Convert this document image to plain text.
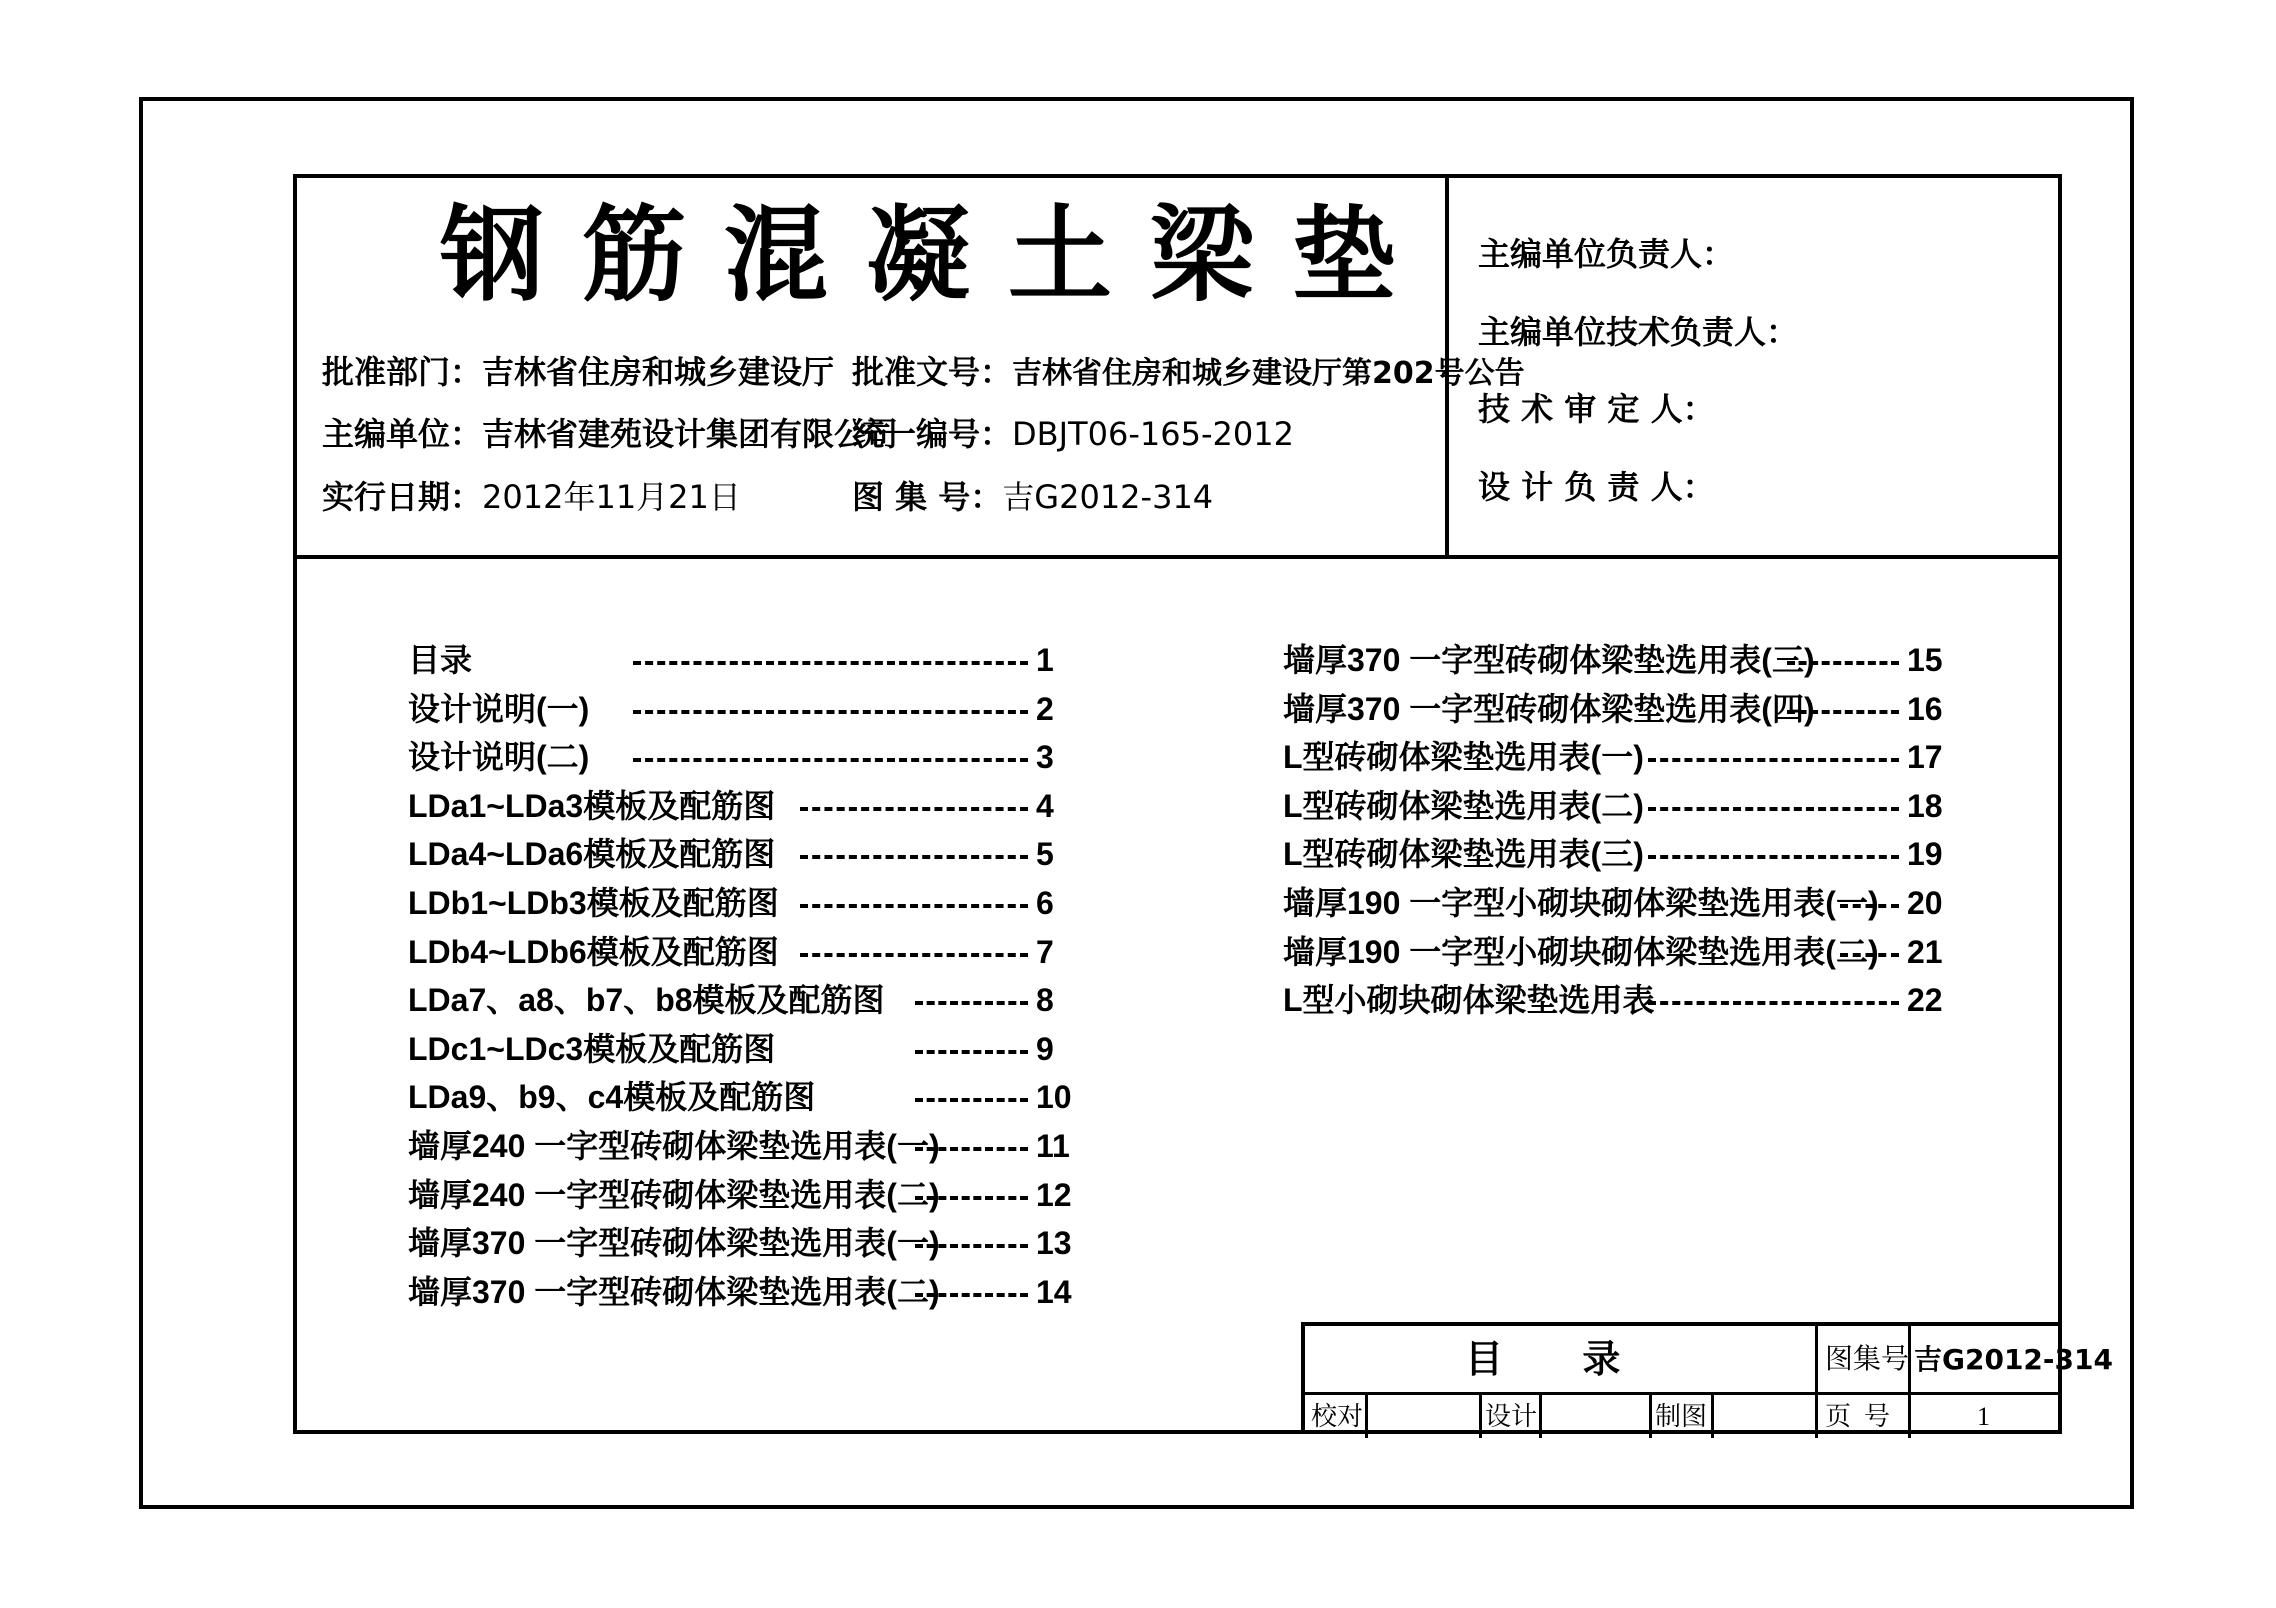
钢筋混凝土梁垫
批准部门：吉林省住房和城乡建设厅
主编单位：吉林省建苑设计集团有限公司
实行日期：2012年11月21日
批准文号：吉林省住房和城乡建设厅第202号公告
统一编号：DBJT06-165-2012
图 集 号：吉G2012-314
主编单位负责人：
主编单位技术负责人：
技 术 审 定 人：
设 计 负 责 人：
目录	1
设计说明(一)	2
设计说明(二)	3
LDa1~LDa3模板及配筋图	4
LDa4~LDa6模板及配筋图	5
LDb1~LDb3模板及配筋图	6
LDb4~LDb6模板及配筋图	7
LDa7、a8、b7、b8模板及配筋图	8
LDc1~LDc3模板及配筋图	9
LDa9、b9、c4模板及配筋图	10
墙厚240 一字型砖砌体梁垫选用表(一)	11
墙厚240 一字型砖砌体梁垫选用表(二)	12
墙厚370 一字型砖砌体梁垫选用表(一)	13
墙厚370 一字型砖砌体梁垫选用表(二)	14
墙厚370 一字型砖砌体梁垫选用表(三)	15
墙厚370 一字型砖砌体梁垫选用表(四)	16
L型砖砌体梁垫选用表(一)	17
L型砖砌体梁垫选用表(二)	18
L型砖砌体梁垫选用表(三)	19
墙厚190 一字型小砌块砌体梁垫选用表(一) 20
墙厚190 一字型小砌块砌体梁垫选用表(二) 21
L型小砌块砌体梁垫选用表	22
目      录	图集号 吉G2012-314
校对	设计	制图	页  号	1
